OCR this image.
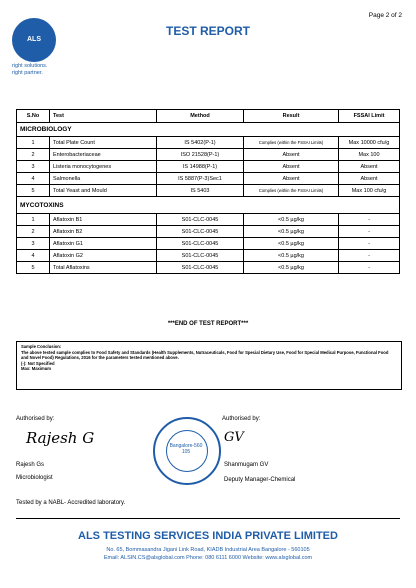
ALS
right solutions.
right partner.
Page 2 of 2
TEST REPORT
S.No	Test	Method	Result	FSSAI Limit
MICROBIOLOGY				
1	Total Plate Count	IS 5402(P-1)	Complies (within the FSSAI Limits)	Max 10000 cfu/g
2	Enterobacteriaceae	ISO 21528(P-1)	Absent	Max 100
3	Listeria monocytogenes	IS 14988(P-1)	Absent	Absent
4	Salmonella	IS 5887(P-3)Sec1	Absent	Absent
5	Total Yeast and Mould	IS 5403	Complies (within the FSSAI Limits)	Max 100 cfu/g
MYCOTOXINS				
1	Aflatoxin B1	S01-CLC-0045	<0.5 µg/kg	-
2	Aflatoxin B2	S01-CLC-0045	<0.5 µg/kg	-
3	Aflatoxin G1	S01-CLC-0045	<0.5 µg/kg	-
4	Aflatoxin G2	S01-CLC-0045	<0.5 µg/kg	-
5	Total Aflatoxins	S01-CLC-0045	<0.5 µg/kg	-
***END OF TEST REPORT***
Sample Conclusion:
The above tested sample complies to Food Safety and Standards (Health Supplements, Nutraceuticals, Food for Special Dietary Use, Food for Special Medical Purpose, Functional Food and Novel Food) Regulations, 2016 for the parameters tested mentioned above.
(-): Not Specified
Max: Maximum
Authorised by:
Rajesh G
Rajesh Gs
Microbiologist
Bangalore-560 105
Authorised by:
GV
Shanmugam GV
Deputy Manager-Chemical
Tested by a NABL- Accredited laboratory.
ALS TESTING SERVICES INDIA PRIVATE LIMITED
No. 65, Bommasandra Jigani Link Road, KIADB Industrial Area Bangalore - 560105
Email: ALSIN.CS@alsglobal.com Phone: 080 6111 6000 Website: www.alsglobal.com
